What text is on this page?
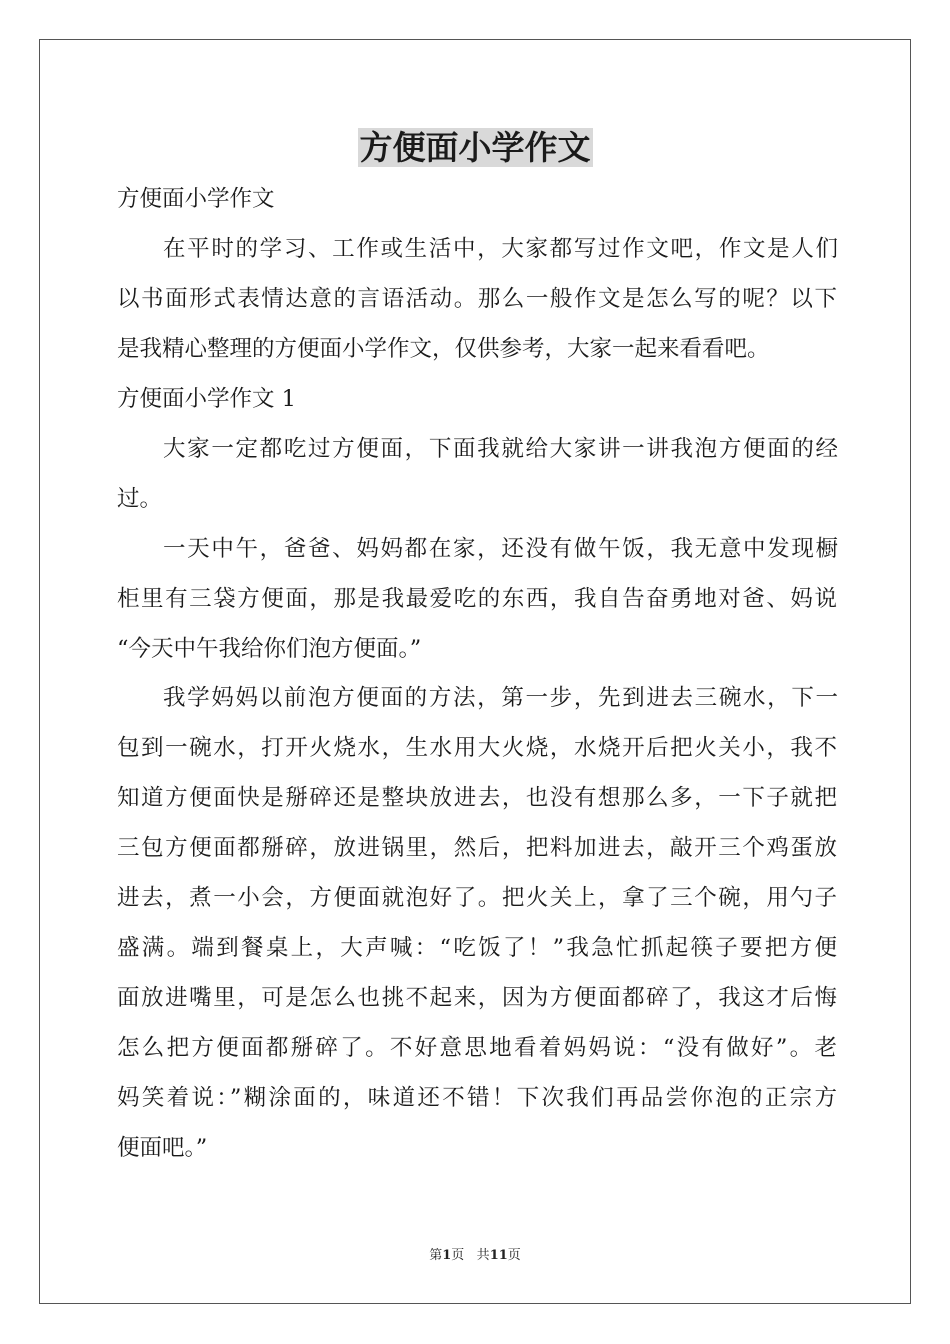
方便面小学作文
方便面小学作文
在平时的学习、工作或生活中，大家都写过作文吧，作文是人们
以书面形式表情达意的言语活动。那么一般作文是怎么写的呢？以下
是我精心整理的方便面小学作文，仅供参考，大家一起来看看吧。
方便面小学作文 1
大家一定都吃过方便面，下面我就给大家讲一讲我泡方便面的经
过。
一天中午，爸爸、妈妈都在家，还没有做午饭，我无意中发现橱
柜里有三袋方便面，那是我最爱吃的东西，我自告奋勇地对爸、妈说
“今天中午我给你们泡方便面。”
我学妈妈以前泡方便面的方法，第一步，先到进去三碗水，下一
包到一碗水，打开火烧水，生水用大火烧，水烧开后把火关小，我不
知道方便面快是掰碎还是整块放进去，也没有想那么多，一下子就把
三包方便面都掰碎，放进锅里，然后，把料加进去，敲开三个鸡蛋放
进去，煮一小会，方便面就泡好了。把火关上，拿了三个碗，用勺子
盛满。端到餐桌上，大声喊：“吃饭了！”我急忙抓起筷子要把方便
面放进嘴里，可是怎么也挑不起来，因为方便面都碎了，我这才后悔
怎么把方便面都掰碎了。不好意思地看着妈妈说：“没有做好”。老
妈笑着说：”糊涂面的，味道还不错！下次我们再品尝你泡的正宗方
便面吧。”
第1页 共11页
